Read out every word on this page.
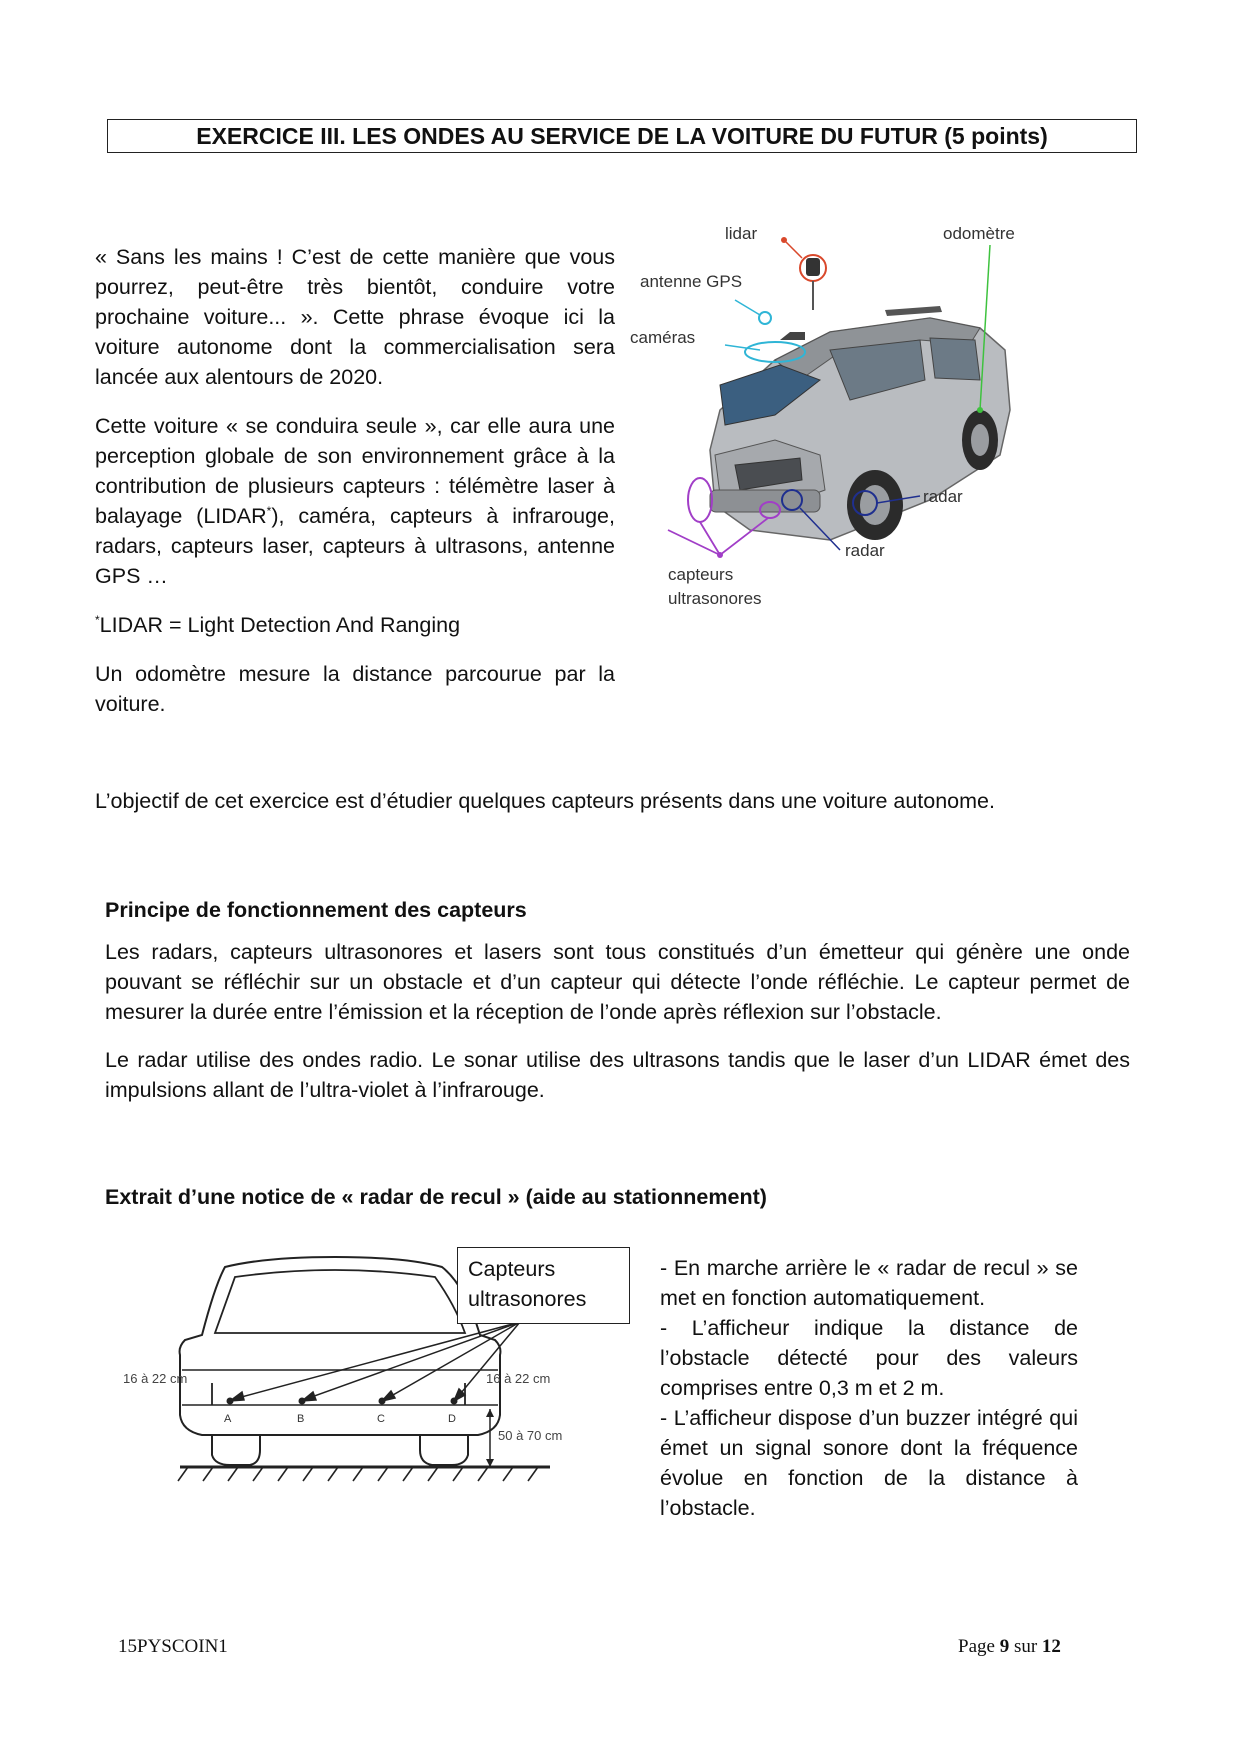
EXERCICE III. LES ONDES AU SERVICE DE LA VOITURE DU FUTUR (5 points)

« Sans les mains ! C’est de cette manière que vous pourrez, peut-être très bientôt, conduire votre prochaine voiture... ». Cette phrase évoque ici la voiture autonome dont la commercialisation sera lancée aux alentours de 2020.

Cette voiture « se conduira seule », car elle aura une perception globale de son environnement grâce à la contribution de plusieurs capteurs : télémètre laser à balayage (LIDAR*), caméra, capteurs à infrarouge, radars, capteurs laser, capteurs à ultrasons, antenne GPS …

*LIDAR = Light Detection And Ranging

Un odomètre mesure la distance parcourue par la voiture.

lidar	odomètre
antenne GPS
caméras
radar
radar
capteurs
ultrasonores
L’objectif de cet exercice est d’étudier quelques capteurs présents dans une voiture autonome.
Principe de fonctionnement des capteurs

Les radars, capteurs ultrasonores et lasers sont tous constitués d’un émetteur qui génère une onde pouvant se réfléchir sur un obstacle et d’un capteur qui détecte l’onde réfléchie. Le capteur permet de mesurer la durée entre l’émission et la réception de l’onde après réflexion sur l’obstacle.

Le radar utilise des ondes radio. Le sonar utilise des ultrasons tandis que le laser d’un LIDAR émet des impulsions allant de l’ultra-violet à l’infrarouge.

Extrait d’une notice de « radar de recul » (aide au stationnement)
A	B	C	D
16 à 22 cm	16 à 22 cm
50 à 70 cm
Capteurs
ultrasonores
- En marche arrière le « radar de recul » se met en fonction automatiquement.
- L’afficheur indique la distance de l’obstacle détecté pour des valeurs comprises entre 0,3 m et 2 m.
- L’afficheur dispose d’un buzzer intégré qui émet un signal sonore dont la fréquence évolue en fonction de la distance à l’obstacle.
15PYSCOIN1	Page 9 sur 12
